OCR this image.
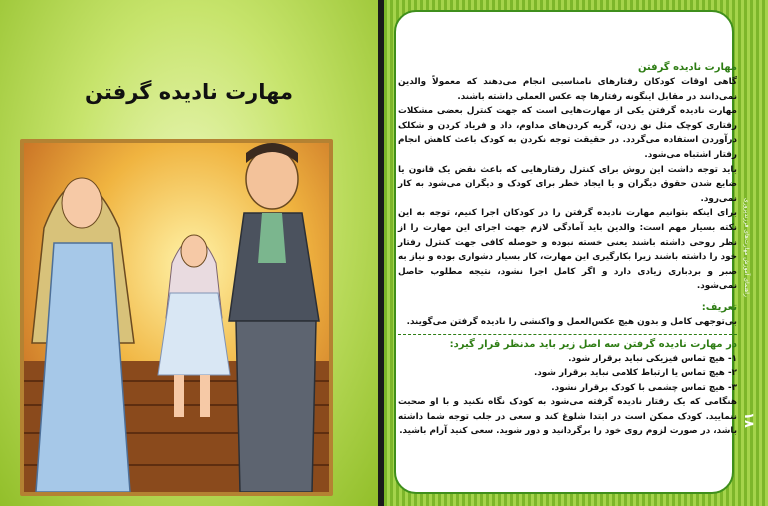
مهارت نادیده گرفتن
راهنمای آموزش مهارت‌های فرزندپروری
۱۸
مهارت نادیده گرفتن
گاهی اوقات کودکان رفتارهای نامناسبی انجام می‌دهند که معمولاً والدین نمی‌دانند در مقابل اینگونه رفتارها چه عکس العملی داشته باشند.
مهارت نادیده گرفتن یکی از مهارت‌هایی است که جهت کنترل بعضی مشکلات رفتاری کوچک مثل نق زدن، گریه کردن‌های مداوم، داد و فریاد کردن و شکلک درآوردن استفاده می‌گردد. در حقیقت توجه نکردن به کودک باعث کاهش انجام رفتار اشتباه می‌شود.
باید توجه داشت این روش برای کنترل رفتارهایی که باعث نقض یک قانون یا ضایع شدن حقوق دیگران و یا ایجاد خطر برای کودک و دیگران می‌شود به کار نمی‌رود.
برای اینکه بتوانیم مهارت نادیده گرفتن را در کودکان اجرا کنیم، توجه به این نکته بسیار مهم است: والدین باید آمادگی لازم جهت اجرای این مهارت را از نظر روحی داشته باشند یعنی خسته نبوده و حوصله کافی جهت کنترل رفتار خود را داشته باشند زیرا بکارگیری این مهارت، کار بسیار دشواری بوده و نیاز به صبر و بردباری زیادی دارد و اگر کامل اجرا نشود، نتیجه مطلوب حاصل نمی‌شود.
تعریف:
بی‌توجهی کامل و بدون هیچ عکس‌العمل و واکنشی را نادیده گرفتن می‌گویند.
در مهارت نادیده گرفتن سه اصل زیر باید مدنظر قرار گیرد:
۱- هیچ تماس فیزیکی نباید برقرار شود.
۲- هیچ تماس یا ارتباط کلامی نباید برقرار شود.
۳- هیچ تماس چشمی با کودک برقرار نشود.
هنگامی که یک رفتار نادیده گرفته می‌شود به کودک نگاه نکنید و با او صحبت ننمایید. کودک ممکن است در ابتدا شلوغ کند و سعی در جلب توجه شما داشته باشد، در صورت لزوم روی خود را برگردانید و دور شوید. سعی کنید آرام باشید.
